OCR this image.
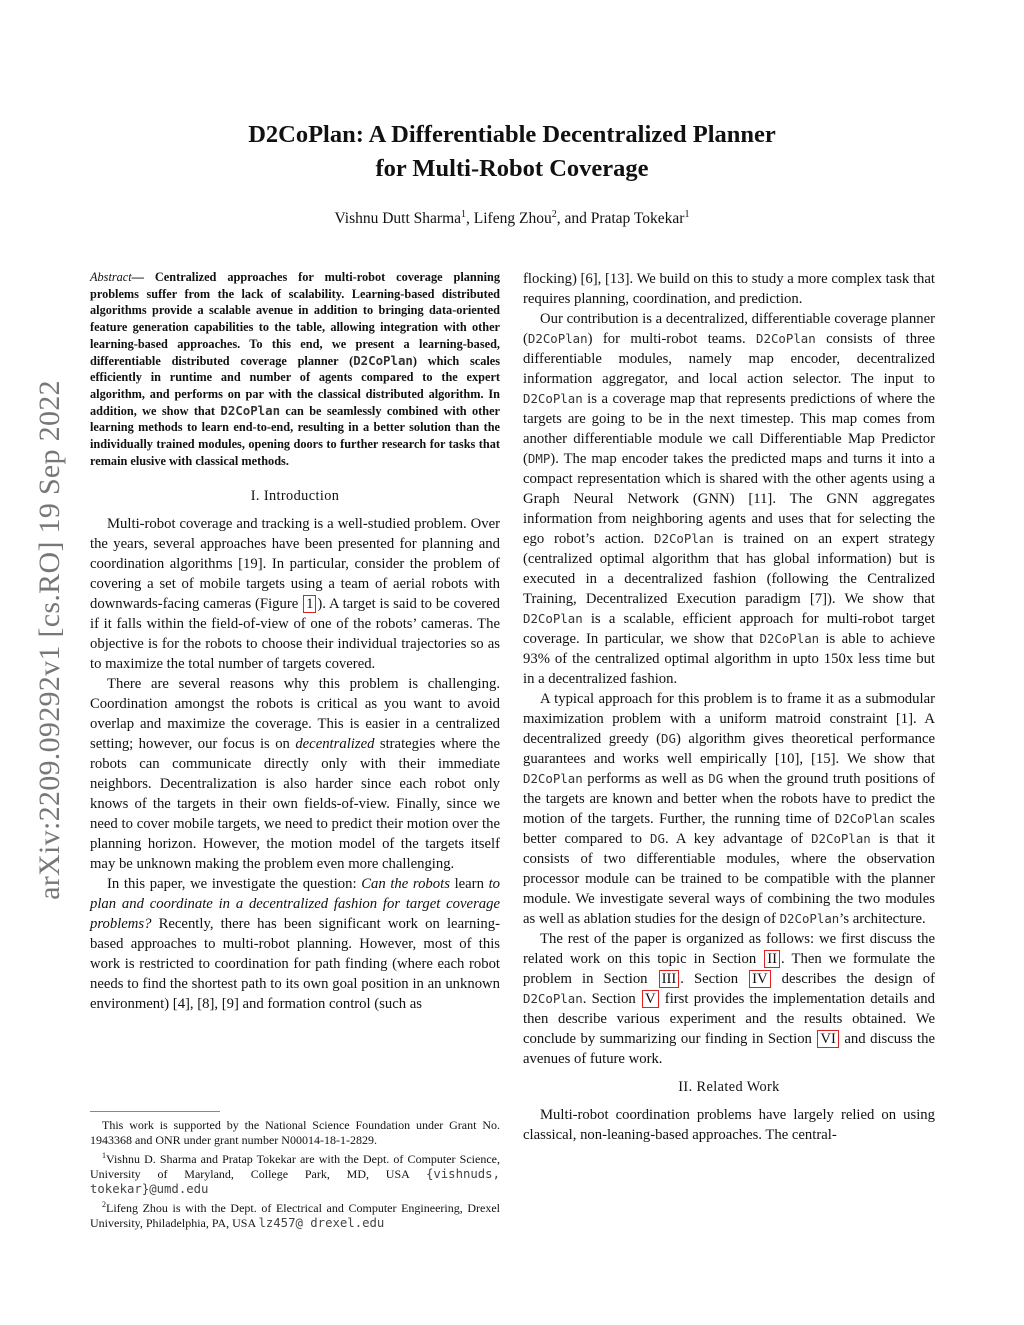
arXiv:2209.09292v1 [cs.RO] 19 Sep 2022
D2CoPlan: A Differentiable Decentralized Planner
for Multi-Robot Coverage
Vishnu Dutt Sharma$^1$, Lifeng Zhou$^2$, and Pratap Tokekar$^1$
Abstract— Centralized approaches for multi-robot coverage planning problems suffer from the lack of scalability. Learning-based distributed algorithms provide a scalable avenue in addition to bringing data-oriented feature generation capabilities to the table, allowing integration with other learning-based approaches. To this end, we present a learning-based, differentiable distributed coverage planner (D2CoPlan) which scales efficiently in runtime and number of agents compared to the expert algorithm, and performs on par with the classical distributed algorithm. In addition, we show that D2CoPlan can be seamlessly combined with other learning methods to learn end-to-end, resulting in a better solution than the individually trained modules, opening doors to further research for tasks that remain elusive with classical methods.
I. Introduction

Multi-robot coverage and tracking is a well-studied problem. Over the years, several approaches have been presented for planning and coordination algorithms [19]. In particular, consider the problem of covering a set of mobile targets using a team of aerial robots with downwards-facing cameras (Figure 1 ). A target is said to be covered if it falls within the field-of-view of one of the robots’ cameras. The objective is for the robots to choose their individual trajectories so as to maximize the total number of targets covered.

There are several reasons why this problem is challenging. Coordination amongst the robots is critical as you want to avoid overlap and maximize the coverage. This is easier in a centralized setting; however, our focus is on decentralized strategies where the robots can communicate directly only with their immediate neighbors. Decentralization is also harder since each robot only knows of the targets in their own fields-of-view. Finally, since we need to cover mobile targets, we need to predict their motion over the planning horizon. However, the motion model of the targets itself may be unknown making the problem even more challenging.

In this paper, we investigate the question: Can the robots learn to plan and coordinate in a decentralized fashion for target coverage problems? Recently, there has been significant work on learning-based approaches to multi-robot planning. However, most of this work is restricted to coordination for path finding (where each robot needs to find the shortest path to its own goal position in an unknown environment) [4], [8], [9] and formation control (such as

This work is supported by the National Science Foundation under Grant No. 1943368 and ONR under grant number N00014-18-1-2829.
$^1$Vishnu D. Sharma and Pratap Tokekar are with the Dept. of Computer Science, University of Maryland, College Park, MD, USA {vishnuds, tokekar}@umd.edu
$^2$Lifeng Zhou is with the Dept. of Electrical and Computer Engineering, Drexel University, Philadelphia, PA, USA lz457@ drexel.edu

flocking) [6], [13]. We build on this to study a more complex task that requires planning, coordination, and prediction.

Our contribution is a decentralized, differentiable coverage planner (D2CoPlan) for multi-robot teams. D2CoPlan consists of three differentiable modules, namely map encoder, decentralized information aggregator, and local action selector. The input to D2CoPlan is a coverage map that represents predictions of where the targets are going to be in the next timestep. This map comes from another differentiable module we call Differentiable Map Predictor (DMP). The map encoder takes the predicted maps and turns it into a compact representation which is shared with the other agents using a Graph Neural Network (GNN) [11]. The GNN aggregates information from neighboring agents and uses that for selecting the ego robot’s action. D2CoPlan is trained on an expert strategy (centralized optimal algorithm that has global information) but is executed in a decentralized fashion (following the Centralized Training, Decentralized Execution paradigm [7]). We show that D2CoPlan is a scalable, efficient approach for multi-robot target coverage. In particular, we show that D2CoPlan is able to achieve 93% of the centralized optimal algorithm in upto 150x less time but in a decentralized fashion.

A typical approach for this problem is to frame it as a submodular maximization problem with a uniform matroid constraint [1]. A decentralized greedy (DG) algorithm gives theoretical performance guarantees and works well empirically [10], [15]. We show that D2CoPlan performs as well as DG when the ground truth positions of the targets are known and better when the robots have to predict the motion of the targets. Further, the running time of D2CoPlan scales better compared to DG. A key advantage of D2CoPlan is that it consists of two differentiable modules, where the observation processor module can be trained to be compatible with the planner module. We investigate several ways of combining the two modules as well as ablation studies for the design of D2CoPlan’s architecture.

The rest of the paper is organized as follows: we first discuss the related work on this topic in Section II . Then we formulate the problem in Section III . Section IV describes the design of D2CoPlan. Section V first provides the implementation details and then describe various experiment and the results obtained. We conclude by summarizing our finding in Section VI and discuss the avenues of future work.

II. Related Work

Multi-robot coordination problems have largely relied on using classical, non-leaning-based approaches. The central-
